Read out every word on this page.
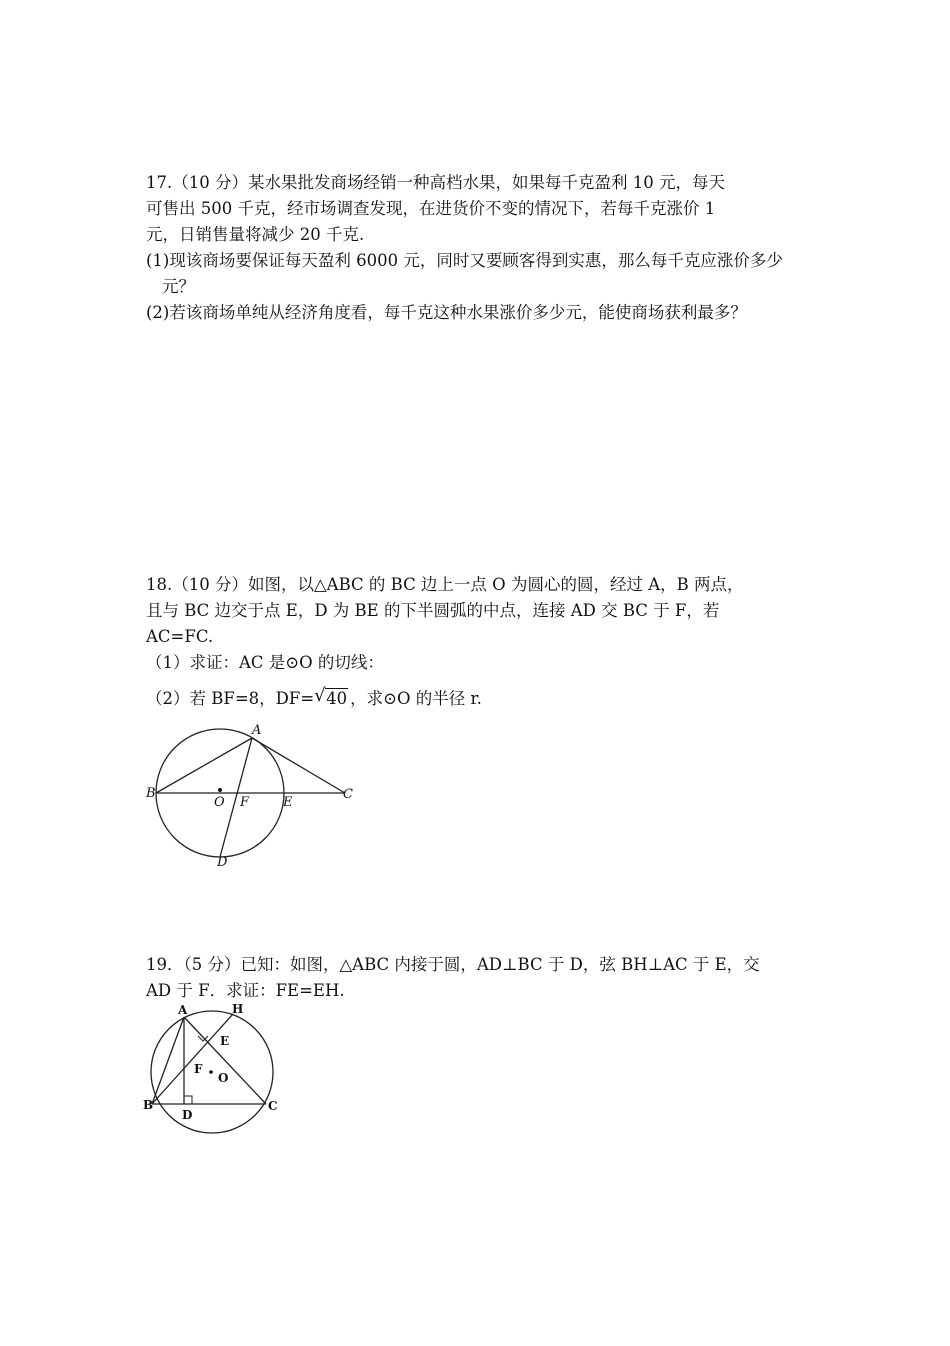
17.（10 分）某水果批发商场经销一种高档水果，如果每千克盈利 10 元，每天

可售出 500 千克，经市场调查发现，在进货价不变的情况下，若每千克涨价 1

元，日销售量将减少 20 千克.

(1)现该商场要保证每天盈利 6000 元，同时又要顾客得到实惠，那么每千克应涨价多少元？

(2)若该商场单纯从经济角度看，每千克这种水果涨价多少元，能使商场获利最多？

18.（10 分）如图，以△ABC 的 BC 边上一点 O 为圆心的圆，经过 A，B 两点，

且与 BC 边交于点 E，D 为 BE 的下半圆弧的中点，连接 AD 交 BC 于 F，若

AC=FC.

（1）求证：AC 是⊙O 的切线：

（2）若 BF=8，DF= √ 40 ，求⊙O 的半径 r.

A
B
O F	E
C
D

19．（5 分）已知：如图，△ABC 内接于圆，AD⊥BC 于 D，弦 BH⊥AC 于 E，交

AD 于 F．求证：FE=EH.

A	H
E
F
O
B
D
C
